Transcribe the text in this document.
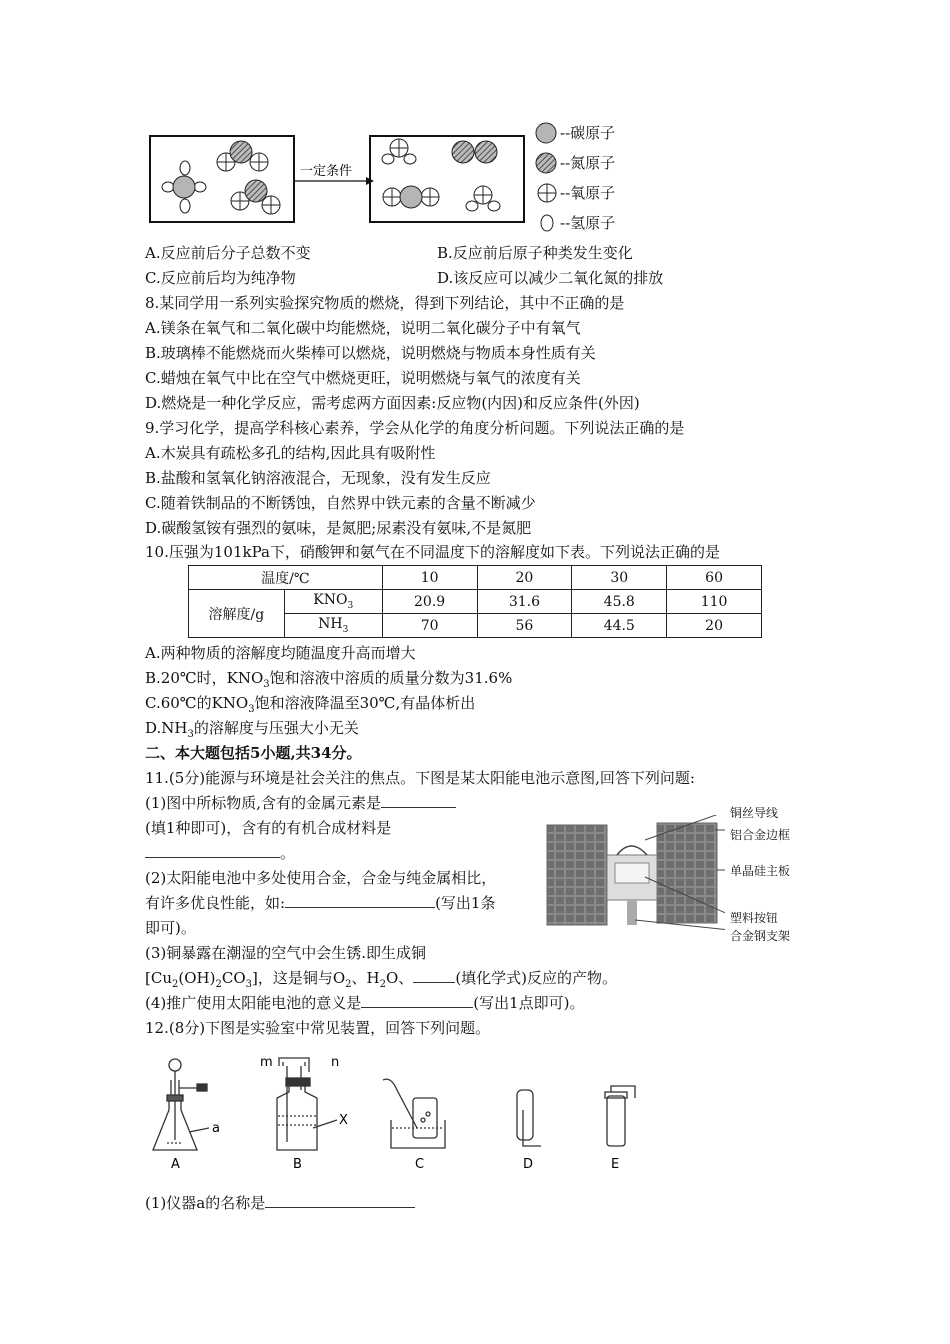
一定条件
--碳原子
--氮原子
--氧原子
--氢原子
A.反应前后分子总数不变	B.反应前后原子种类发生变化
C.反应前后均为纯净物	D.该反应可以减少二氧化氮的排放
8.某同学用一系列实验探究物质的燃烧，得到下列结论，其中不正确的是
A.镁条在氧气和二氧化碳中均能燃烧，说明二氧化碳分子中有氧气
B.玻璃棒不能燃烧而火柴棒可以燃烧，说明燃烧与物质本身性质有关
C.蜡烛在氧气中比在空气中燃烧更旺，说明燃烧与氧气的浓度有关
D.燃烧是一种化学反应，需考虑两方面因素:反应物(内因)和反应条件(外因)
9.学习化学，提高学科核心素养，学会从化学的角度分析问题。下列说法正确的是
A.木炭具有疏松多孔的结构,因此具有吸附性
B.盐酸和氢氧化钠溶液混合，无现象，没有发生反应
C.随着铁制品的不断锈蚀，自然界中铁元素的含量不断减少
D.碳酸氢铵有强烈的氨味，是氮肥;尿素没有氨味,不是氮肥
10.压强为101kPa下，硝酸钾和氨气在不同温度下的溶解度如下表。下列说法正确的是
温度/℃		10	20	30	60
溶解度/g	$KNO_3$	20.9	31.6	45.8	110
	$NH_3$	70	56	44.5	20
A.两种物质的溶解度均随温度升高而增大
B.20℃时，$KNO_3$饱和溶液中溶质的质量分数为31.6%
C.60℃的$KNO_3$饱和溶液降温至30℃,有晶体析出
$D.NH_3$的溶解度与压强大小无关
二、本大题包括5小题,共34分。
11.(5分)能源与环境是社会关注的焦点。下图是某太阳能电池示意图,回答下列问题:
(1)图中所标物质,含有的金属元素是
(填1种即可)，含有的有机合成材料是
。
(2)太阳能电池中多处使用合金，合金与纯金属相比，
有许多优良性能，如:	(写出1条
即可)。
(3)铜暴露在潮湿的空气中会生锈.即生成铜
$[Cu_2(OH)_2CO_3]$，这是铜与$O_2$、$H_2O$、	(填化学式)反应的产物。
(4)推广使用太阳能电池的意义是	(写出1点即可)。
铜丝导线
铝合金边框
单晶硅主板
塑料按钮
合金钢支架
12.(8分)下图是实验室中常见装置，回答下列问题。
a
A
m	n
X
B	C	D	E
(1)仪器a的名称是
